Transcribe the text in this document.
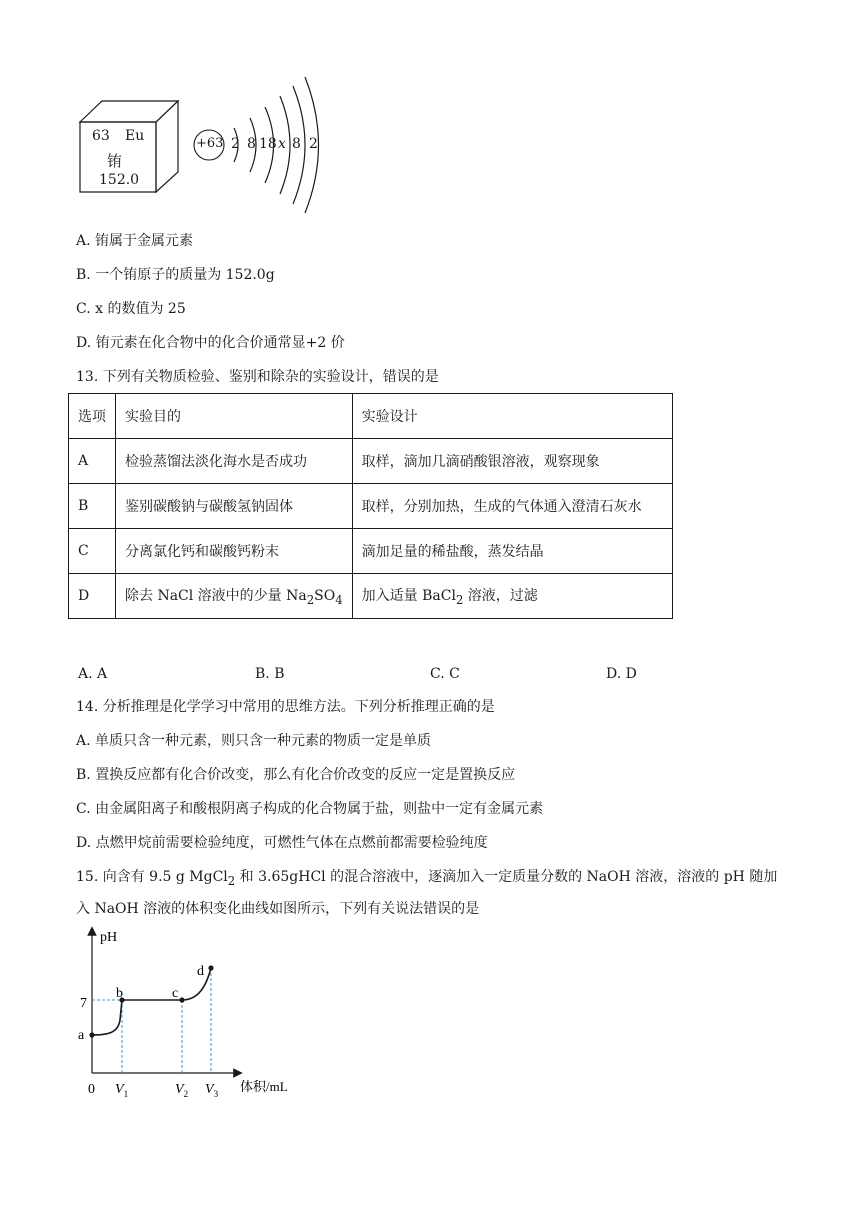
63 Eu
铕
152.0
+63 2 8 18 x 8 2
A. 铕属于金属元素
B. 一个铕原子的质量为 152.0g
C. x 的数值为 25
D. 铕元素在化合物中的化合价通常显+2 价
13. 下列有关物质检验、鉴别和除杂的实验设计，错误的是
选项	实验目的	实验设计
A	检验蒸馏法淡化海水是否成功	取样，滴加几滴硝酸银溶液，观察现象
B	鉴别碳酸钠与碳酸氢钠固体	取样，分别加热，生成的气体通入澄清石灰水
C	分离氯化钙和碳酸钙粉末	滴加足量的稀盐酸，蒸发结晶
D	除去 NaCl 溶液中的少量 $Na_2SO_4$	加入适量 BaCl$_2$ 溶液，过滤
A. A	B. B	C. C	D. D
14. 分析推理是化学学习中常用的思维方法。下列分析推理正确的是
A. 单质只含一种元素，则只含一种元素的物质一定是单质
B. 置换反应都有化合价改变，那么有化合价改变的反应一定是置换反应
C. 由金属阳离子和酸根阴离子构成的化合物属于盐，则盐中一定有金属元素
D. 点燃甲烷前需要检验纯度，可燃性气体在点燃前都需要检验纯度
15. 向含有 9.5 g MgCl$_2$ 和 3.65gHCl 的混合溶液中，逐滴加入一定质量分数的 NaOH 溶液，溶液的 pH 随加
入 NaOH 溶液的体积变化曲线如图所示，下列有关说法错误的是
pH
体积/mL
7
0
a
b	c
d
$V_1$	$V_2$ $V_3$
